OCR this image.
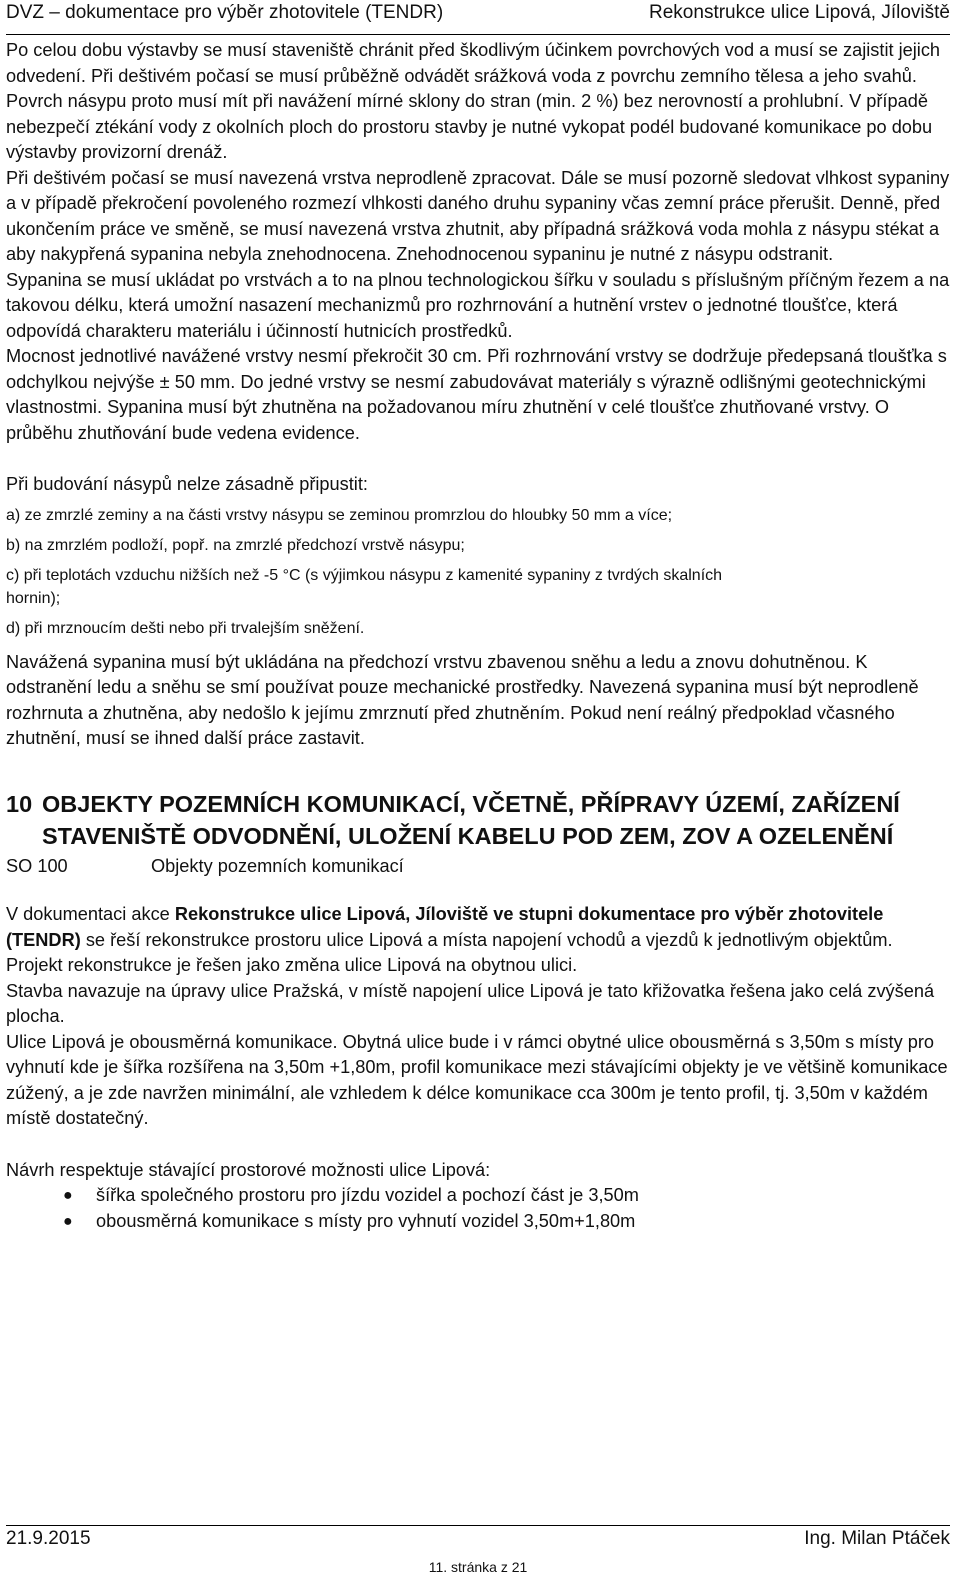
DVZ – dokumentace pro výběr zhotovitele (TENDR)	Rekonstrukce ulice Lipová, Jíloviště

Po celou dobu výstavby se musí staveniště chránit před škodlivým účinkem povrchových vod a musí se zajistit jejich odvedení. Při deštivém počasí se musí průběžně odvádět srážková voda z povrchu zemního tělesa a jeho svahů. Povrch násypu proto musí mít při navážení mírné sklony do stran (min. 2 %) bez nerovností a prohlubní. V případě nebezpečí ztékání vody z okolních ploch do prostoru stavby je nutné vykopat podél budované komunikace po dobu výstavby provizorní drenáž.

Při deštivém počasí se musí navezená vrstva neprodleně zpracovat. Dále se musí pozorně sledovat vlhkost sypaniny a v případě překročení povoleného rozmezí vlhkosti daného druhu sypaniny včas zemní práce přerušit. Denně, před ukončením práce ve směně, se musí navezená vrstva zhutnit, aby případná srážková voda mohla z násypu stékat a aby nakypřená sypanina nebyla znehodnocena. Znehodnocenou sypaninu je nutné z násypu odstranit.

Sypanina se musí ukládat po vrstvách a to na plnou technologickou šířku v souladu s příslušným příčným řezem a na takovou délku, která umožní nasazení mechanizmů pro rozhrnování a hutnění vrstev o jednotné tloušťce, která odpovídá charakteru materiálu i účinností hutnicích prostředků.

Mocnost jednotlivé navážené vrstvy nesmí překročit 30 cm. Při rozhrnování vrstvy se dodržuje předepsaná tloušťka s odchylkou nejvýše ± 50 mm. Do jedné vrstvy se nesmí zabudovávat materiály s výrazně odlišnými geotechnickými vlastnostmi. Sypanina musí být zhutněna na požadovanou míru zhutnění v celé tloušťce zhutňované vrstvy. O průběhu zhutňování bude vedena evidence.

Při budování násypů nelze zásadně připustit:

a) ze zmrzlé zeminy a na části vrstvy násypu se zeminou promrzlou do hloubky 50 mm a více;

b) na zmrzlém podloží, popř. na zmrzlé předchozí vrstvě násypu;

c) při teplotách vzduchu nižších než -5 °C (s výjimkou násypu z kamenité sypaniny z tvrdých skalních

hornin);

d) při mrznoucím dešti nebo při trvalejším sněžení.

Navážená sypanina musí být ukládána na předchozí vrstvu zbavenou sněhu a ledu a znovu dohutněnou. K odstranění ledu a sněhu se smí používat pouze mechanické prostředky. Navezená sypanina musí být neprodleně rozhrnuta a zhutněna, aby nedošlo k jejímu zmrznutí před zhutněním. Pokud není reálný předpoklad včasného zhutnění, musí se ihned další práce zastavit.

10 OBJEKTY POZEMNÍCH KOMUNIKACÍ, VČETNĚ, PŘÍPRAVY ÚZEMÍ, ZAŘÍZENÍ STAVENIŠTĚ ODVODNĚNÍ, ULOŽENÍ KABELU POD ZEM, ZOV A OZELENĚNÍ
SO 100	Objekty pozemních komunikací

V dokumentaci akce Rekonstrukce ulice Lipová, Jíloviště ve stupni dokumentace pro výběr zhotovitele (TENDR) se řeší rekonstrukce prostoru ulice Lipová a místa napojení vchodů a vjezdů k jednotlivým objektům.

Projekt rekonstrukce je řešen jako změna ulice Lipová na obytnou ulici.

Stavba navazuje na úpravy ulice Pražská, v místě napojení ulice Lipová je tato křižovatka řešena jako celá zvýšená plocha.

Ulice Lipová je obousměrná komunikace. Obytná ulice bude i v rámci obytné ulice obousměrná s 3,50m s místy pro vyhnutí kde je šířka rozšířena na 3,50m +1,80m, profil komunikace mezi stávajícími objekty je ve většině komunikace zúžený, a je zde navržen minimální, ale vzhledem k délce komunikace cca 300m je tento profil, tj. 3,50m v každém místě dostatečný.

Návrh respektuje stávající prostorové možnosti ulice Lipová:

●	šířka společného prostoru pro jízdu vozidel a pochozí část je 3,50m
●	obousměrná komunikace s místy pro vyhnutí vozidel 3,50m+1,80m
21.9.2015	Ing. Milan Ptáček
11. stránka z 21
